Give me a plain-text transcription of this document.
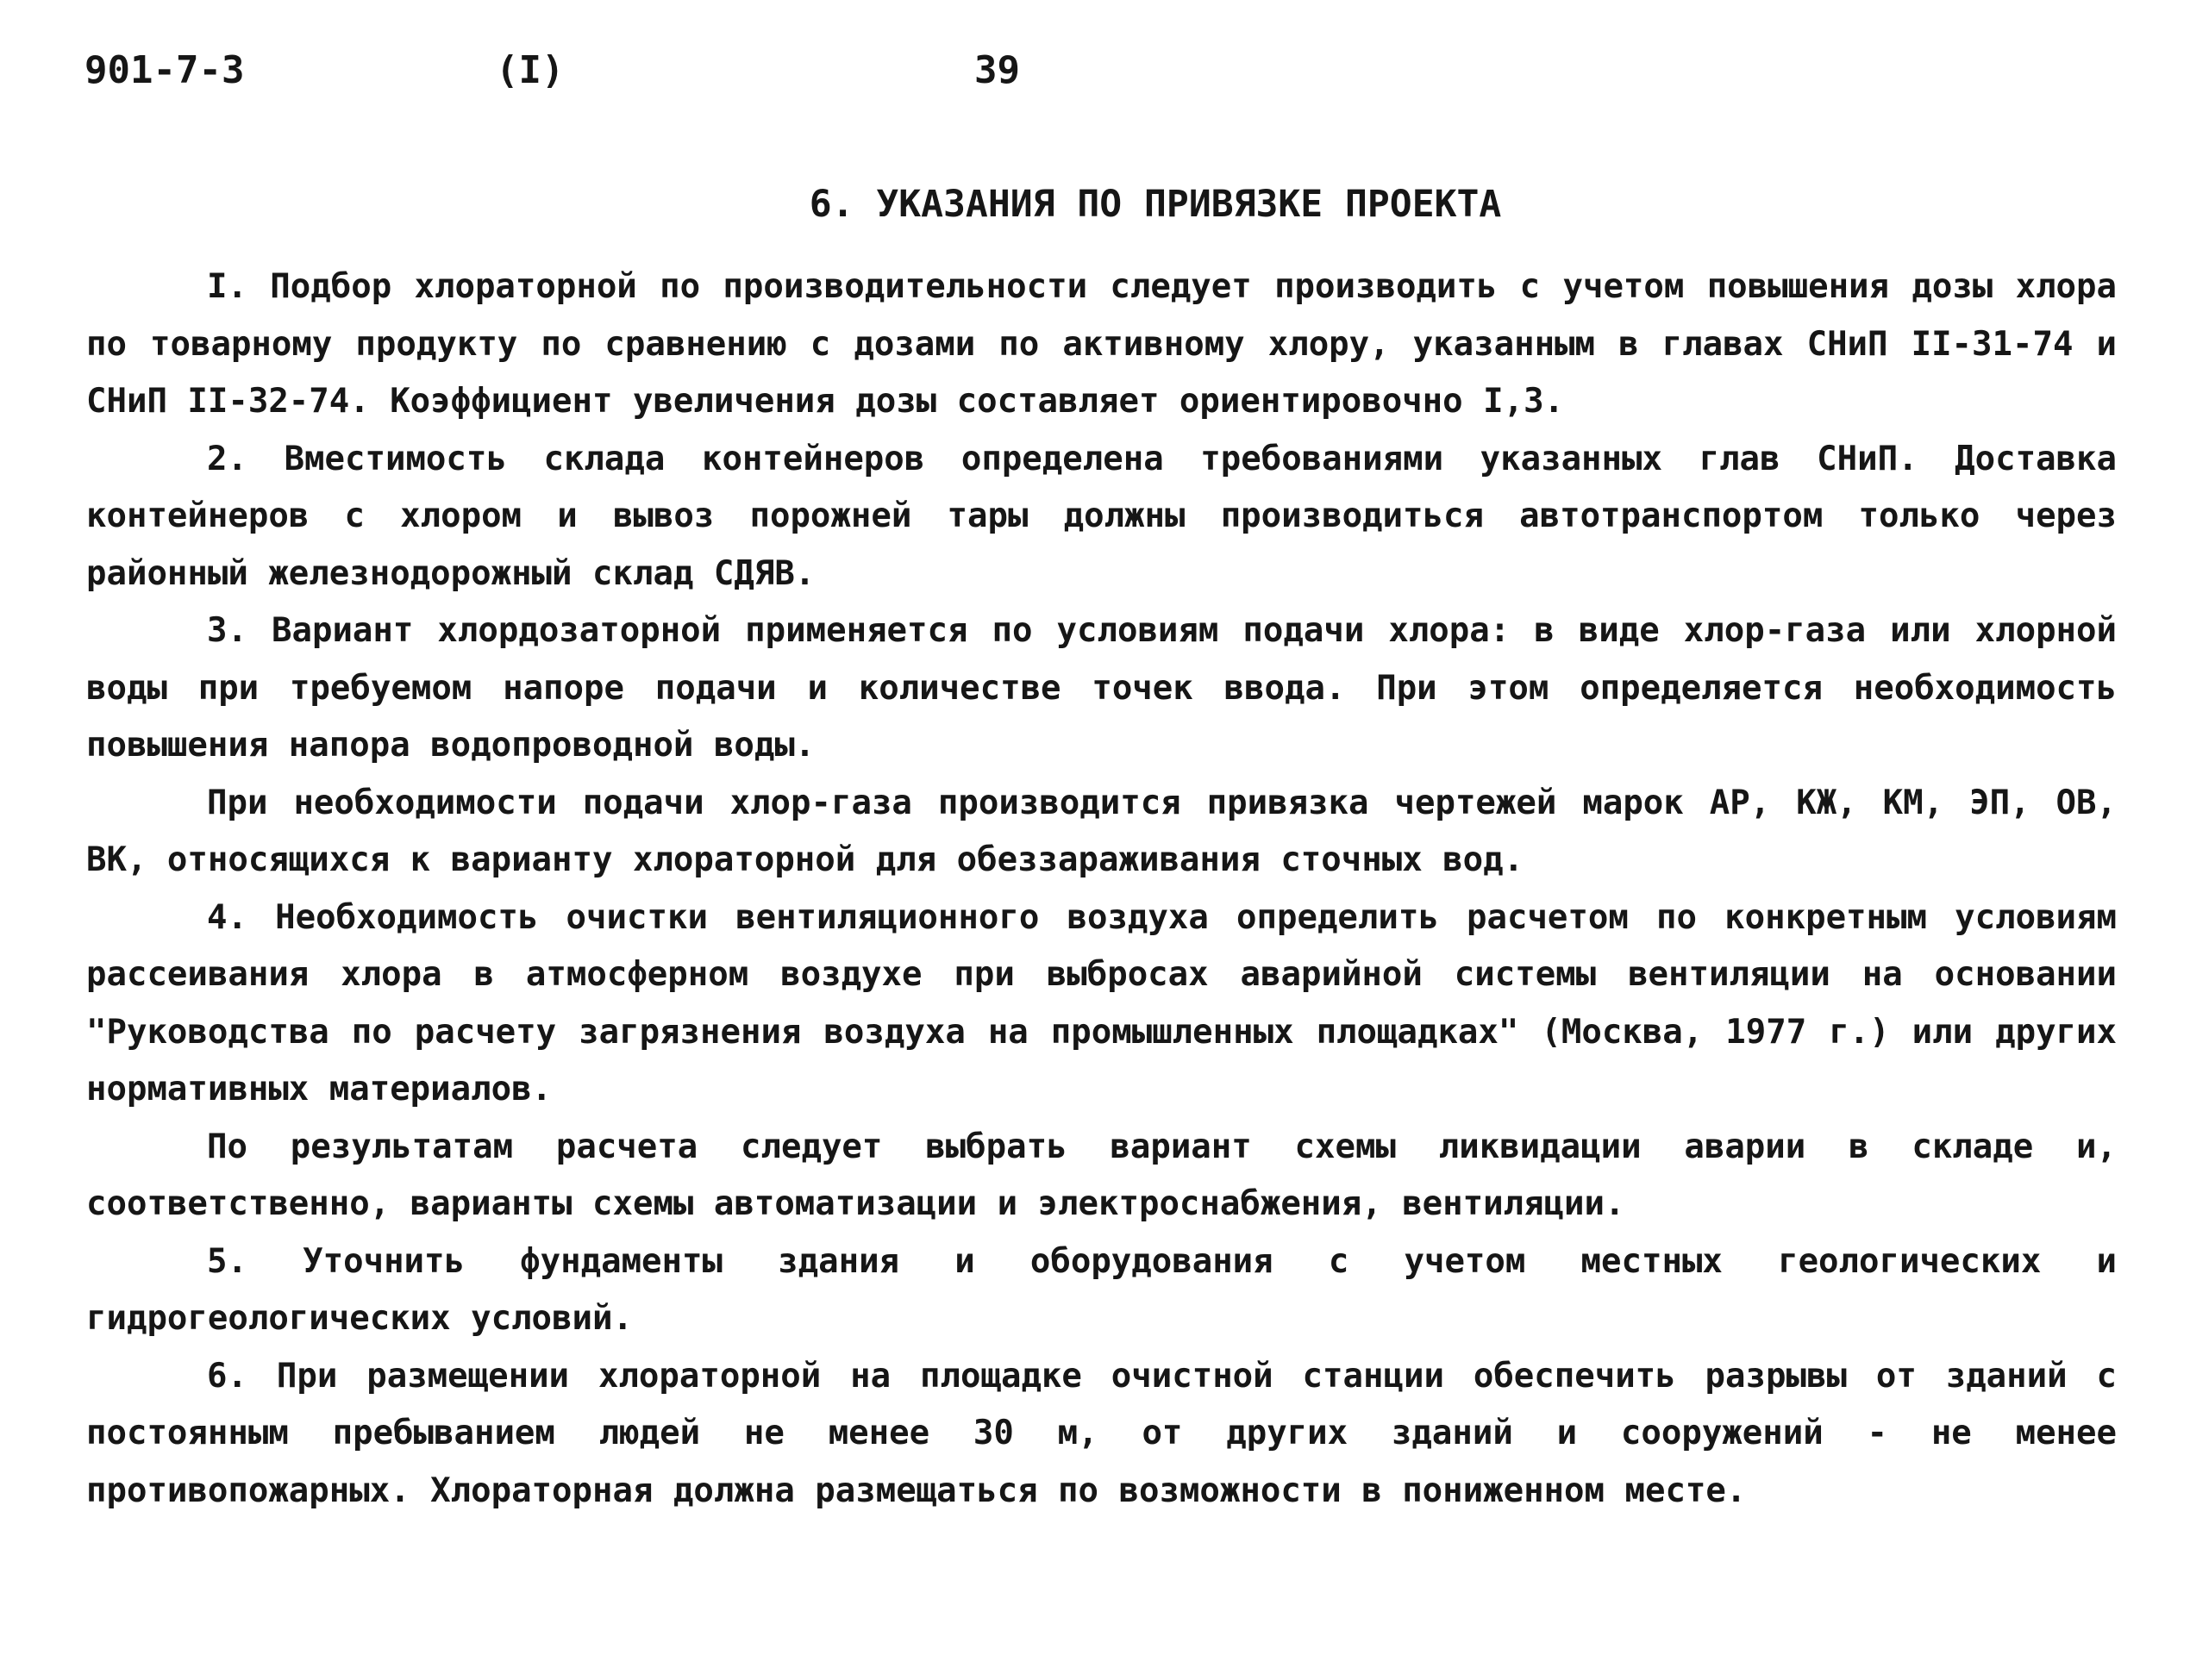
901-7-3	(I)	39
6. УКАЗАНИЯ ПО ПРИВЯЗКЕ ПРОЕКТА

I. Подбор хлораторной по производительности следует производить с учетом повышения дозы хлора по товарному продукту по сравнению с дозами по активному хлору, указанным в главах СНиП II-31-74 и СНиП II-32-74. Коэффициент увеличения дозы составляет ориентировочно I,3.

2. Вместимость склада контейнеров определена требованиями указанных глав СНиП. Доставка контейнеров с хлором и вывоз порожней тары должны производиться автотранспортом только через районный железнодорожный склад СДЯВ.

3. Вариант хлордозаторной применяется по условиям подачи хлора: в виде хлор-газа или хлорной воды при требуемом напоре подачи и количестве точек ввода. При этом определяется необходимость повышения напора водопроводной воды.

При необходимости подачи хлор-газа производится привязка чертежей марок АР, КЖ, КМ, ЭП, ОВ, ВК, относящихся к варианту хлораторной для обеззараживания сточных вод.

4. Необходимость очистки вентиляционного воздуха определить расчетом по конкретным условиям рассеивания хлора в атмосферном воздухе при выбросах аварийной системы вентиляции на основании "Руководства по расчету загрязнения воздуха на промышленных площадках" (Москва, 1977 г.) или других нормативных материалов.

По результатам расчета следует выбрать вариант схемы ликвидации аварии в складе и, соответственно, варианты схемы автоматизации и электроснабжения, вентиляции.

5. Уточнить фундаменты здания и оборудования с учетом местных геологических и гидрогеологических условий.

6. При размещении хлораторной на площадке очистной станции обеспечить разрывы от зданий с постоянным пребыванием людей не менее 30 м, от других зданий и сооружений - не менее противопожарных. Хлораторная должна размещаться по возможности в пониженном месте.
